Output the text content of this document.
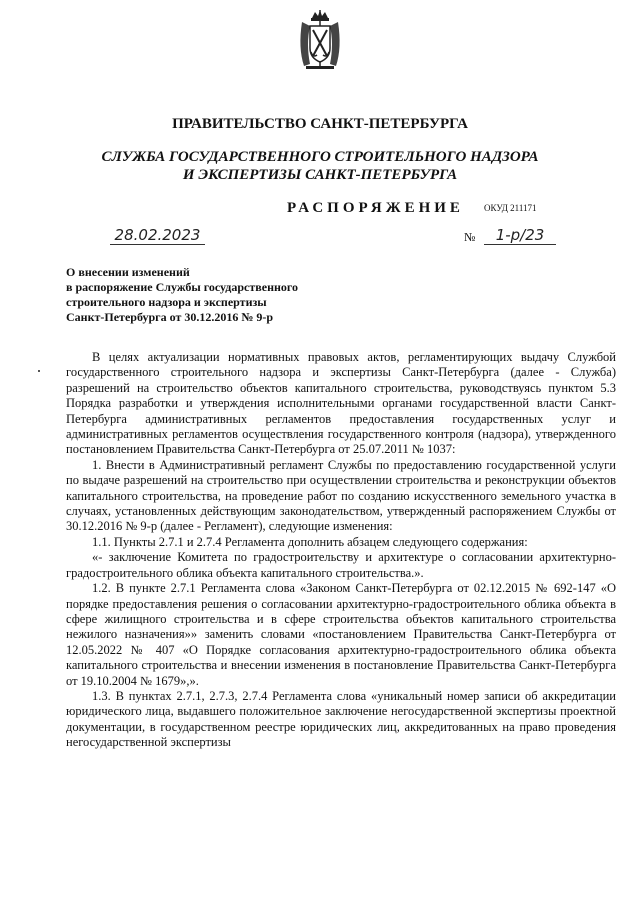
ПРАВИТЕЛЬСТВО САНКТ-ПЕТЕРБУРГА
СЛУЖБА ГОСУДАРСТВЕННОГО СТРОИТЕЛЬНОГО НАДЗОРА
И ЭКСПЕРТИЗЫ САНКТ-ПЕТЕРБУРГА
РАСПОРЯЖЕНИЕ ОКУД 211171
28.02.2023	№	1-р/23
О внесении изменений
в распоряжение Службы государственного
строительного надзора и экспертизы
Санкт-Петербурга от 30.12.2016 № 9-р

В целях актуализации нормативных правовых актов, регламентирующих выдачу Службой государственного строительного надзора и экспертизы Санкт-Петербурга (далее - Служба) разрешений на строительство объектов капитального строительства, руководствуясь пунктом 5.3 Порядка разработки и утверждения исполнительными органами государственной власти Санкт-Петербурга административных регламентов предоставления государственных услуг и административных регламентов осуществления государственного контроля (надзора), утвержденного постановлением Правительства Санкт-Петербурга от 25.07.2011 № 1037:

1. Внести в Административный регламент Службы по предоставлению государственной услуги по выдаче разрешений на строительство при осуществлении строительства и реконструкции объектов капитального строительства, на проведение работ по созданию искусственного земельного участка в случаях, установленных действующим законодательством, утвержденный распоряжением Службы от 30.12.2016 № 9-р (далее - Регламент), следующие изменения:

1.1. Пункты 2.7.1 и 2.7.4 Регламента дополнить абзацем следующего содержания:

«- заключение Комитета по градостроительству и архитектуре о согласовании архитектурно-градостроительного облика объекта капитального строительства.».

1.2. В пункте 2.7.1 Регламента слова «Законом Санкт-Петербурга от 02.12.2015 № 692-147 «О порядке предоставления решения о согласовании архитектурно-градостроительного облика объекта в сфере жилищного строительства и в сфере строительства объектов капитального строительства нежилого назначения»» заменить словами «постановлением Правительства Санкт-Петербурга от 12.05.2022 № 407 «О Порядке согласования архитектурно-градостроительного облика объекта капитального строительства и внесении изменения в постановление Правительства Санкт-Петербурга от 19.10.2004 № 1679»,».

1.3. В пунктах 2.7.1, 2.7.3, 2.7.4 Регламента слова «уникальный номер записи об аккредитации юридического лица, выдавшего положительное заключение негосударственной экспертизы проектной документации, в государственном реестре юридических лиц, аккредитованных на право проведения негосударственной экспертизы
